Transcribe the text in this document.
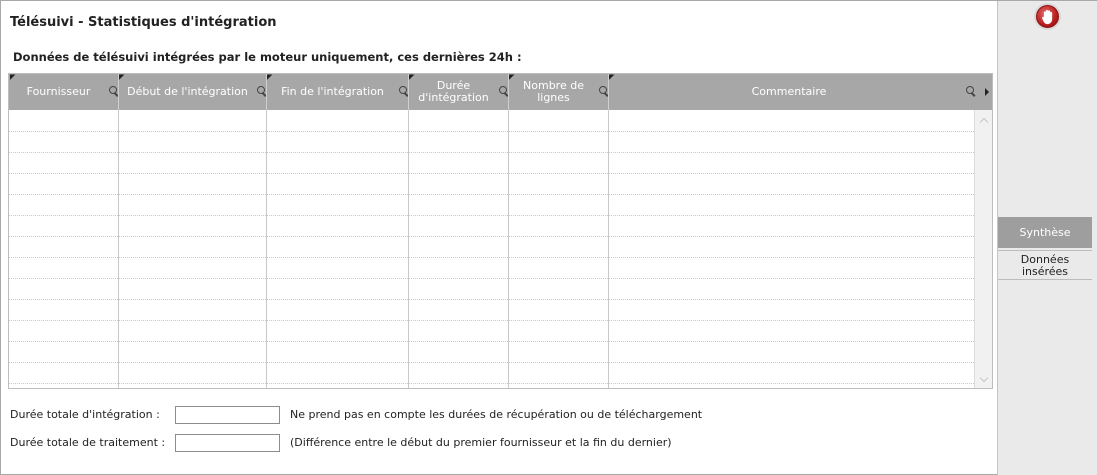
Télésuivi - Statistiques d'intégration
Données de télésuivi intégrées par le moteur uniquement, ces dernières 24h :
◤
Fournisseur
◤
Début de l'intégration
◤
Fin de l'intégration
◤
Durée d'intégration
◤
Nombre de lignes
◤
Commentaire
Durée totale d'intégration :	Ne prend pas en compte les durées de récupération ou de téléchargement
Durée totale de traitement :	(Différence entre le début du premier fournisseur et la fin du dernier)
Synthèse
Données insérées
